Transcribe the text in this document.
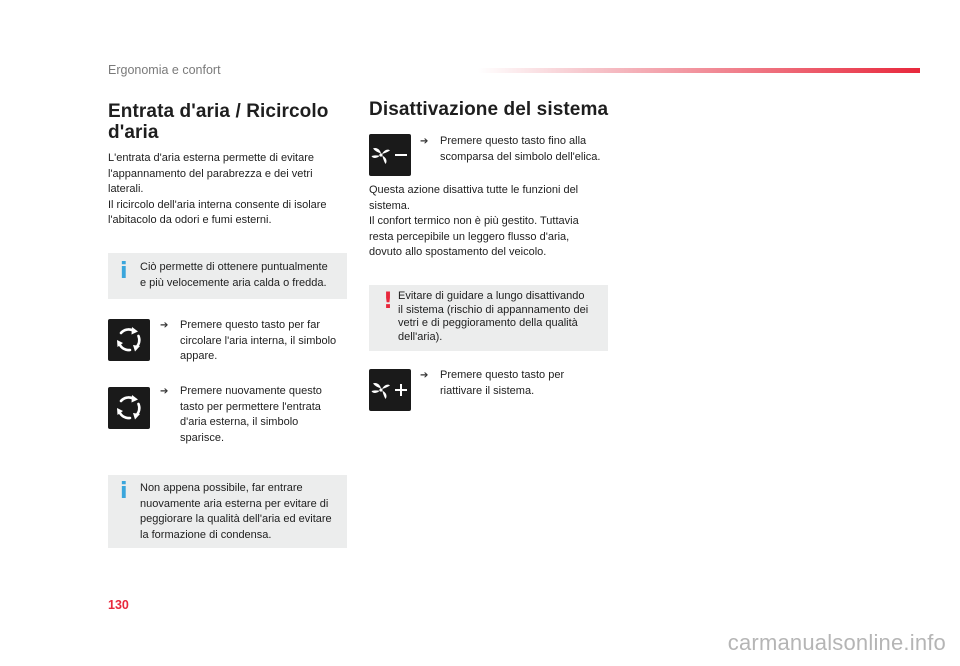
Ergonomia e confort
Entrata d'aria / Ricircolo
d'aria

L'entrata d'aria esterna permette di evitare
l'appannamento del parabrezza e dei vetri
laterali.
Il ricircolo dell'aria interna consente di isolare
l'abitacolo da odori e fumi esterni.

i Ciò permette di ottenere puntualmente
e più velocemente aria calda o fredda.
➔ Premere questo tasto per far
circolare l'aria interna, il simbolo
appare.
➔ Premere nuovamente questo
tasto per permettere l'entrata
d'aria esterna, il simbolo
sparisce.
i Non appena possibile, far entrare
nuovamente aria esterna per evitare di
peggiorare la qualità dell'aria ed evitare
la formazione di condensa.
Disattivazione del sistema
➔ Premere questo tasto fino alla
scomparsa del simbolo dell'elica.

Questa azione disattiva tutte le funzioni del
sistema.
Il confort termico non è più gestito. Tuttavia
resta percepibile un leggero flusso d'aria,
dovuto allo spostamento del veicolo.

! Evitare di guidare a lungo disattivando
il sistema (rischio di appannamento dei
vetri e di peggioramento della qualità
dell'aria).
➔ Premere questo tasto per
riattivare il sistema.
130
carmanualsonline.info
